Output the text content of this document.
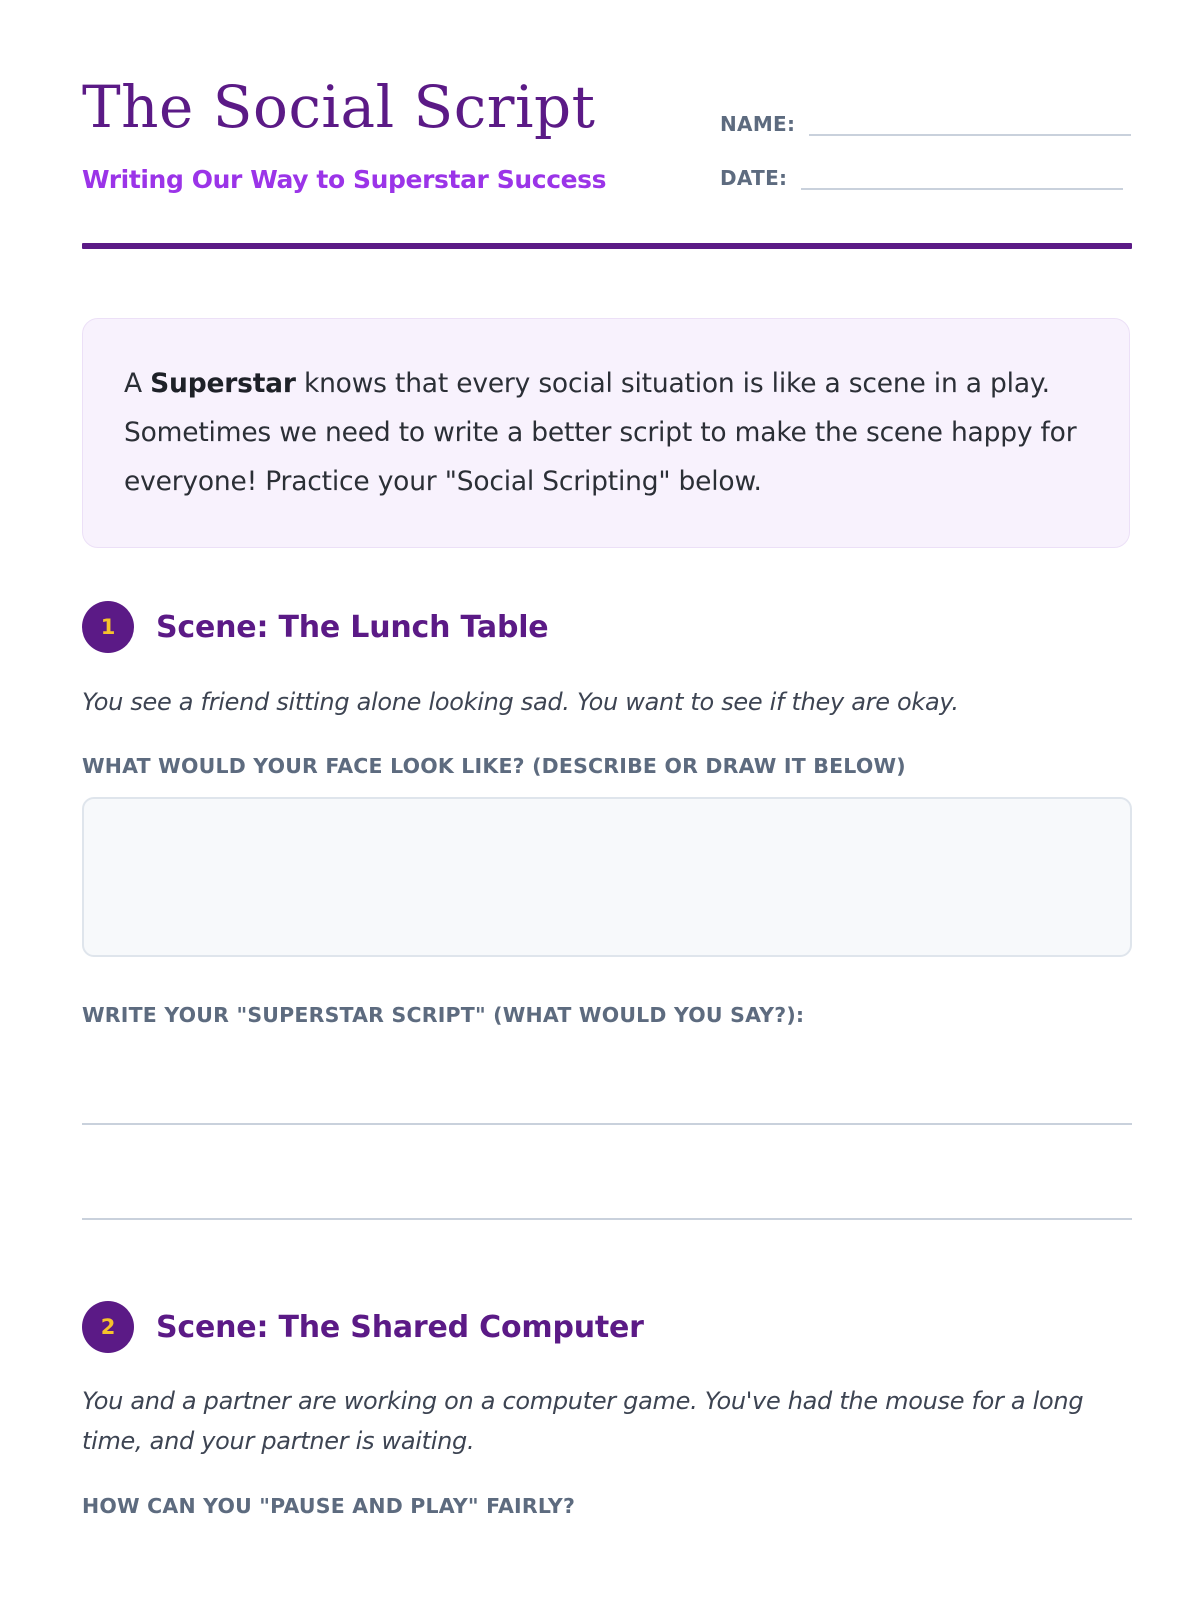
The Social Script
Writing Our Way to Superstar Success
NAME:
DATE:
A Superstar knows that every social situation is like a scene in a play. Sometimes we need to write a better script to make the scene happy for everyone! Practice your "Social Scripting" below.
1	Scene: The Lunch Table
You see a friend sitting alone looking sad. You want to see if they are okay.
WHAT WOULD YOUR FACE LOOK LIKE? (DESCRIBE OR DRAW IT BELOW)
WRITE YOUR "SUPERSTAR SCRIPT" (WHAT WOULD YOU SAY?):
2	Scene: The Shared Computer
You and a partner are working on a computer game. You've had the mouse for a long time, and your partner is waiting.
HOW CAN YOU "PAUSE AND PLAY" FAIRLY?
